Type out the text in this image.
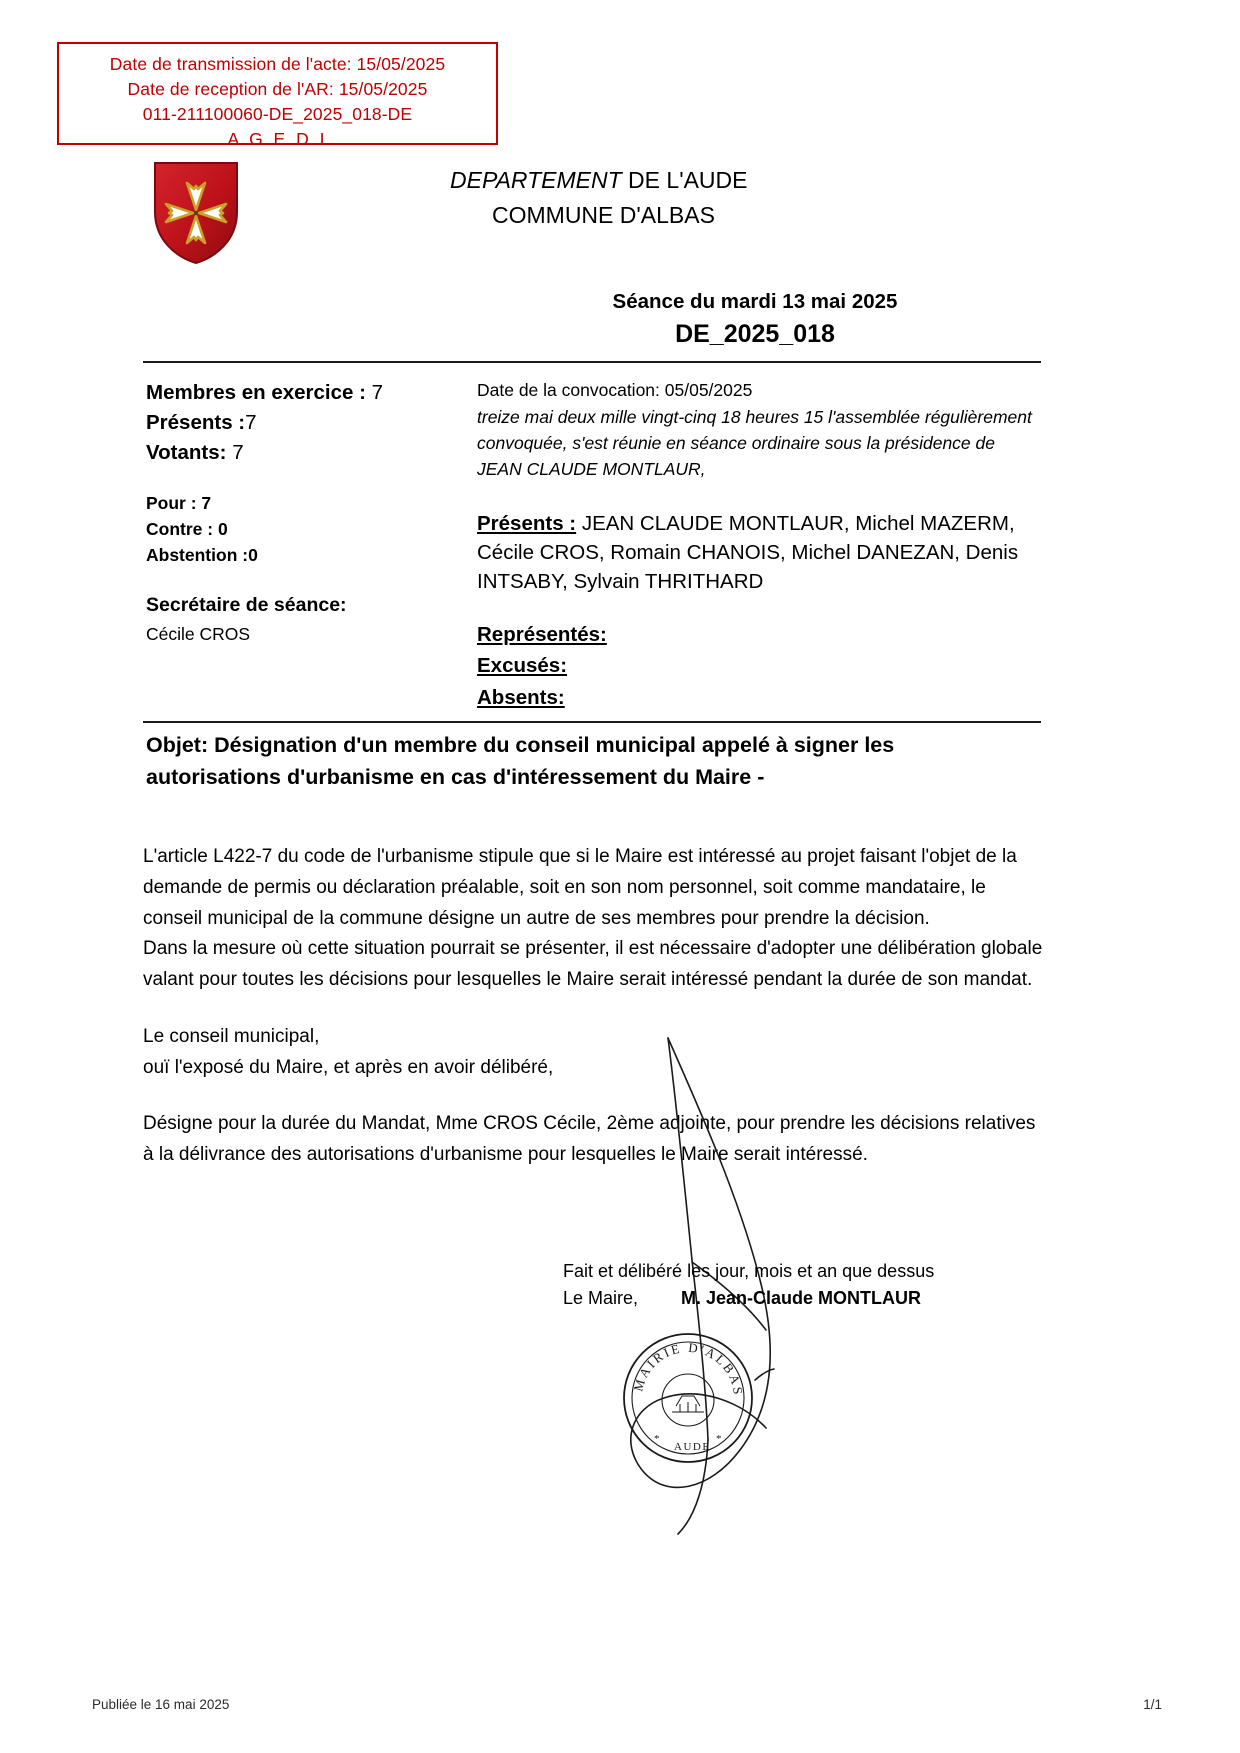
Date de transmission de l'acte: 15/05/2025
Date de reception de l'AR: 15/05/2025
011-211100060-DE_2025_018-DE
A G E D I
DEPARTEMENT DE L'AUDE
COMMUNE D'ALBAS
Séance du mardi 13 mai 2025
DE_2025_018
Membres en exercice : 7
Présents :7
Votants: 7
Pour : 7
Contre : 0
Abstention :0
Secrétaire de séance:
Cécile CROS
Date de la convocation: 05/05/2025
treize mai deux mille vingt-cinq 18 heures 15 l'assemblée régulièrement convoquée, s'est réunie en séance ordinaire sous la présidence de JEAN CLAUDE MONTLAUR,
Présents : JEAN CLAUDE MONTLAUR, Michel MAZERM, Cécile CROS, Romain CHANOIS, Michel DANEZAN, Denis INTSABY, Sylvain THRITHARD
Représentés:
Excusés:
Absents:
Objet: Désignation d'un membre du conseil municipal appelé à signer les autorisations d'urbanisme en cas d'intéressement du Maire -

L'article L422-7 du code de l'urbanisme stipule que si le Maire est intéressé au projet faisant l'objet de la demande de permis ou déclaration préalable, soit en son nom personnel, soit comme mandataire, le conseil municipal de la commune désigne un autre de ses membres pour prendre la décision.

Dans la mesure où cette situation pourrait se présenter, il est nécessaire d'adopter une délibération globale valant pour toutes les décisions pour lesquelles le Maire serait intéressé pendant la durée de son mandat.

Le conseil municipal,

ouï l'exposé du Maire, et après en avoir délibéré,

Désigne pour la durée du Mandat, Mme CROS Cécile, 2ème adjointe, pour prendre les décisions relatives à la délivrance des autorisations d'urbanisme pour lesquelles le Maire serait intéressé.

MAIRIE D'ALBAS
*	*
AUDE
Fait et délibéré les jour, mois et an que dessus
Le Maire, M. Jean-Claude MONTLAUR
Publiée le 16 mai 2025	1/1
